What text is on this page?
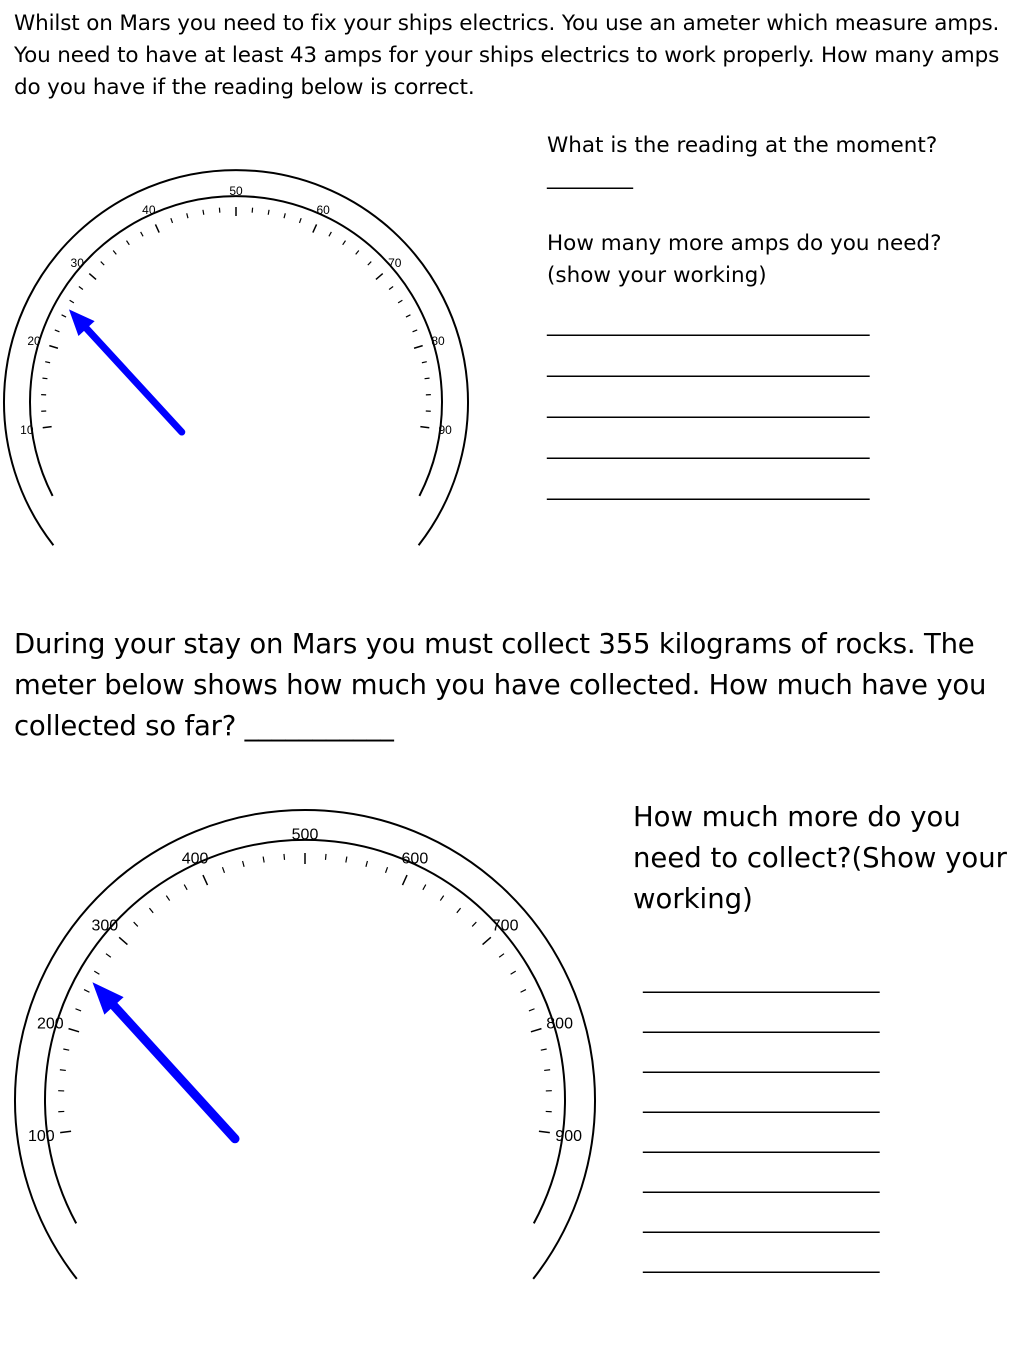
Whilst on Mars you need to fix your ships electrics. You use an ameter which measure amps. You need to have at least 43 amps for your ships electrics to work properly. How many amps do you have if the reading below is correct.
10
20
30
40
50
60
70
80
90
What is the reading at the moment?
________
How many more amps do you need?
(show your working)
______________________________
______________________________
______________________________
______________________________
______________________________
During your stay on Mars you must collect 355 kilograms of rocks. The meter below shows how much you have collected. How much have you collected so far? ___________
100
200
300
400
500
600
700
800
900
How much more do you need to collect?(Show your working)
______________________
______________________
______________________
______________________
______________________
______________________
______________________
______________________
